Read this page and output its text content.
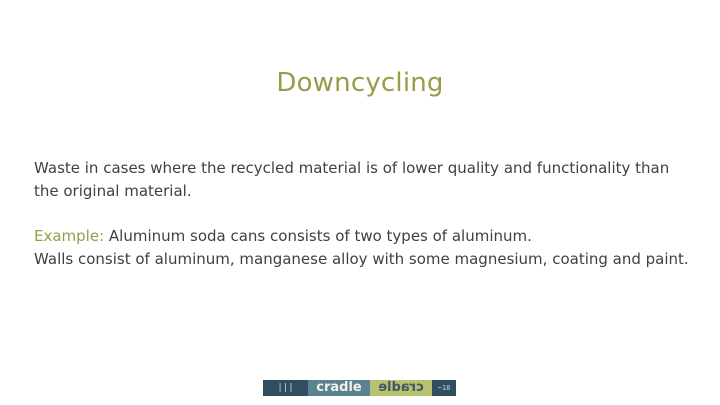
Downcycling

Waste in cases where the recycled material is of lower quality and functionality than
the original material.

Example: Aluminum soda cans consists of two types of aluminum.
Walls consist of aluminum, manganese alloy with some magnesium, coating and paint.

|||	cradle	cradle	~18
